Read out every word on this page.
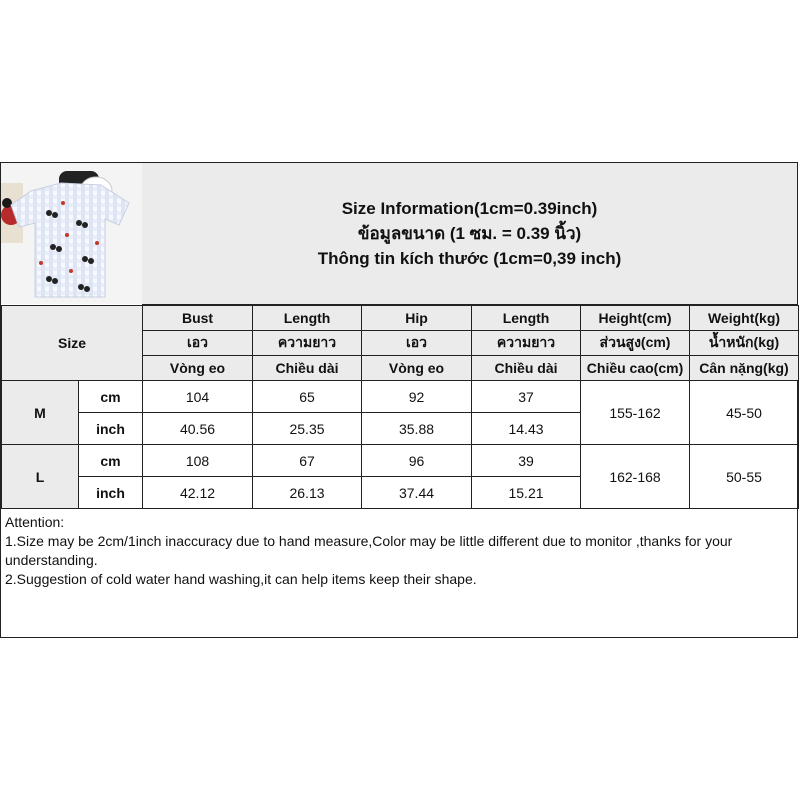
Size Information(1cm=0.39inch)
ข้อมูลขนาด (1 ซม. = 0.39 นิ้ว)
Thông tin kích thước (1cm=0,39 inch)
Size		Bust	Length	Hip	Length	Height(cm)	Weight(kg)
		เอว	ความยาว	เอว	ความยาว	ส่วนสูง(cm)	น้ำหนัก(kg)
		Vòng eo	Chiều dài	Vòng eo	Chiều dài	Chiều cao(cm)	Cân nặng(kg)
M	cm	104	65	92	37	155-162	45-50
	inch	40.56	25.35	35.88	14.43		
L	cm	108	67	96	39	162-168	50-55
	inch	42.12	26.13	37.44	15.21		
Attention:
1.Size may be 2cm/1inch inaccuracy due to hand measure,Color may be little different due to monitor ,thanks for your understanding.
2.Suggestion of cold water hand washing,it can help items keep their shape.
